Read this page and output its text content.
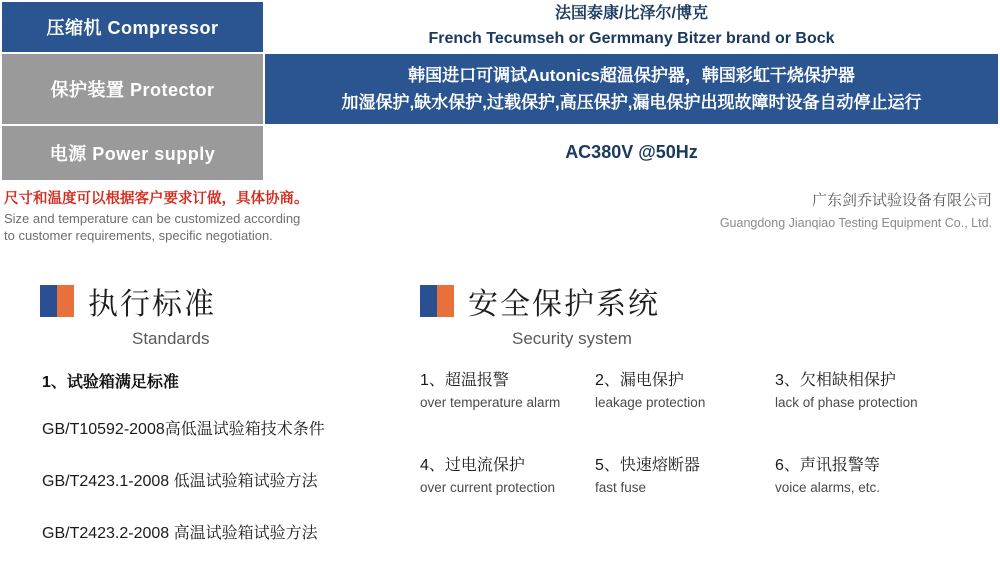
压缩机 Compressor	法国泰康/比泽尔/博克
French Tecumseh or Germmany Bitzer brand or Bock

保护装置 Protector	韩国进口可调试Autonics超温保护器，韩国彩虹干烧保护器
加湿保护,缺水保护,过载保护,高压保护,漏电保护出现故障时设备自动停止运行

电源 Power supply	AC380V @50Hz

尺寸和温度可以根据客户要求订做，具体协商。

Size and temperature can be customized according

to customer requirements, specific negotiation.

广东剑乔试验设备有限公司

Guangdong Jianqiao Testing Equipment Co., Ltd.

执行标准
Standards

1、试验箱满足标准

GB/T10592-2008高低温试验箱技术条件

GB/T2423.1-2008 低温试验箱试验方法

GB/T2423.2-2008 高温试验箱试验方法

安全保护系统
Security system

1、超温报警

over temperature alarm

2、漏电保护

leakage protection

3、欠相缺相保护

lack of phase protection

4、过电流保护

over current protection

5、快速熔断器

fast fuse

6、声讯报警等

voice alarms, etc.
